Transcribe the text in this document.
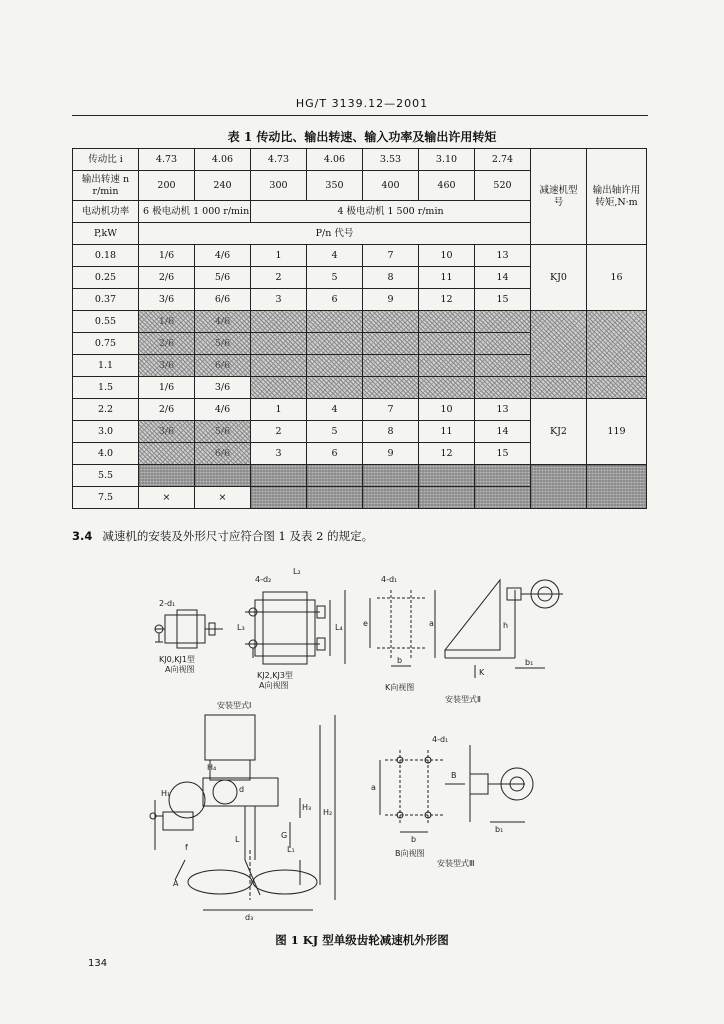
HG/T 3139.12—2001
表 1 传动比、输出转速、输入功率及输出许用转矩
传动比 i	4.73	4.06	4.73	4.06	3.53	3.10	2.74	减速机型号	输出轴许用转矩,N·m

输出转速 n
r/min	200	240	300	350	400	460	520		
电动机功率	6 极电动机 1 000 r/min		4 极电动机 1 500 r/min						
P,kW	P/n 代号								
0.18	1/6	4/6	1	4	7	10	13	KJ0	16
0.25	2/6	5/6	2	5	8	11	14		
0.37	3/6	6/6	3	6	9	12	15		
0.55	1/6	4/6							
0.75	2/6	5/6							
1.1	3/6	6/6							
1.5	1/6	3/6							
2.2	2/6	4/6	1	4	7	10	13	KJ2	119
3.0	3/6	5/6	2	5	8	11	14		
4.0		6/6	3	6	9	12	15		
5.5									
7.5	×	×							
3.4 减速机的安装及外形尺寸应符合图 1 及表 2 的规定。
2-d₁
KJ0,KJ1型
A向视图
4-d₂
L₂
L₃	L₄
KJ2,KJ3型
A向视图
4-d₁
e	a
b
K向视图
h
K
b₁
安装型式Ⅱ
安装型式Ⅰ
H₄
H₁	d
H₃
G
H₂
L
f	L₁
A
d₃
4-d₁
a
b
B向视图
B
b₁
安装型式Ⅲ
图 1 KJ 型单级齿轮减速机外形图
134
